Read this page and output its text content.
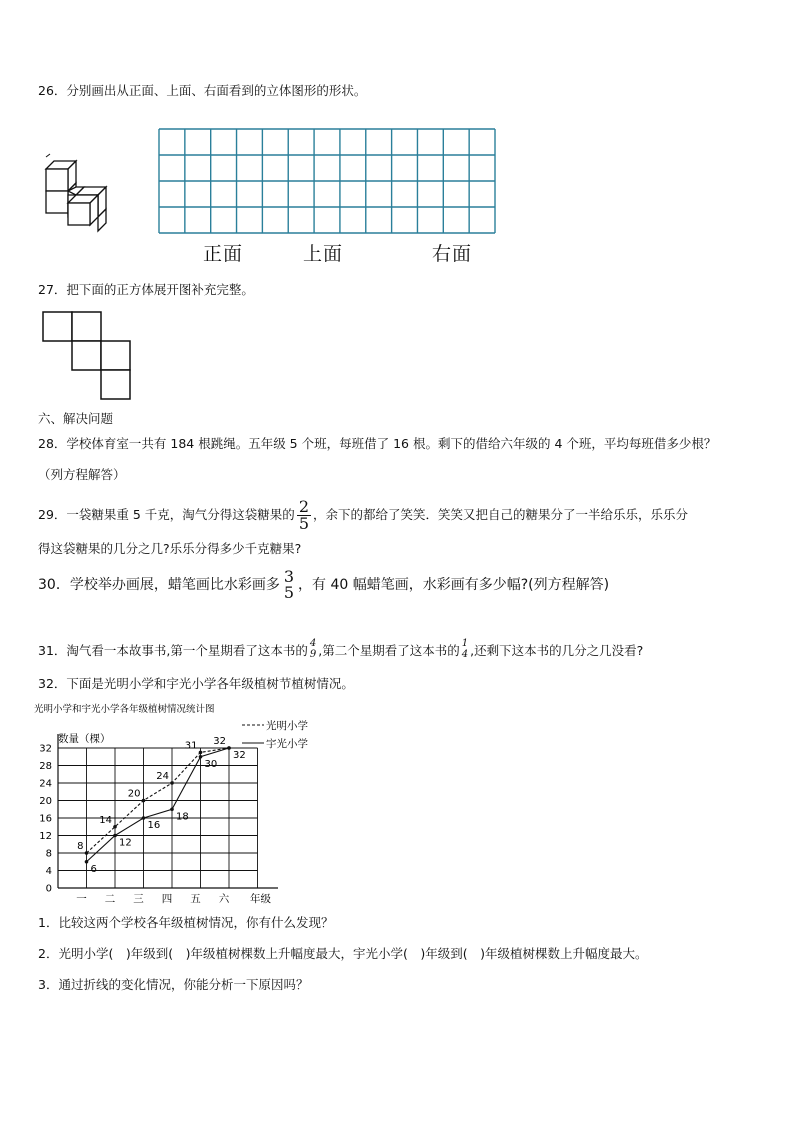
26．分别画出从正面、上面、右面看到的立体图形的形状。
正面	上面	右面
27．把下面的正方体展开图补充完整。
六、解决问题
28．学校体育室一共有 184 根跳绳。五年级 5 个班，每班借了 16 根。剩下的借给六年级的 4 个班，平均每班借多少根？
（列方程解答）
29．一袋糖果重 5 千克，淘气分得这袋糖果的 $\frac{2}{5}$ ，余下的都给了笑笑．笑笑又把自己的糖果分了一半给乐乐，乐乐分
得这袋糖果的几分之几?乐乐分得多少千克糖果?
30．学校举办画展，蜡笔画比水彩画多 3
5 ，有 40 幅蜡笔画，水彩画有多少幅?(列方程解答)
31．淘气看一本故事书,第一个星期看了这本书的 4
9 ,第二个星期看了这本书的 1
4 ,还剩下这本书的几分之几没看?
32．下面是光明小学和宇光小学各年级植树节植树情况。
光明小学和宇光小学各年级植树情况统计图
数量（棵）
年级
光明小学
宇光小学
0
4
8
12
16
20
24
28
32
一 二 三 四 五 六
8
14
20
24
31 32
6
12
16
18
30
32
1．比较这两个学校各年级植树情况，你有什么发现？
2．光明小学(　)年级到(　)年级植树棵数上升幅度最大，宇光小学(　)年级到(　)年级植树棵数上升幅度最大。
3．通过折线的变化情况，你能分析一下原因吗？
